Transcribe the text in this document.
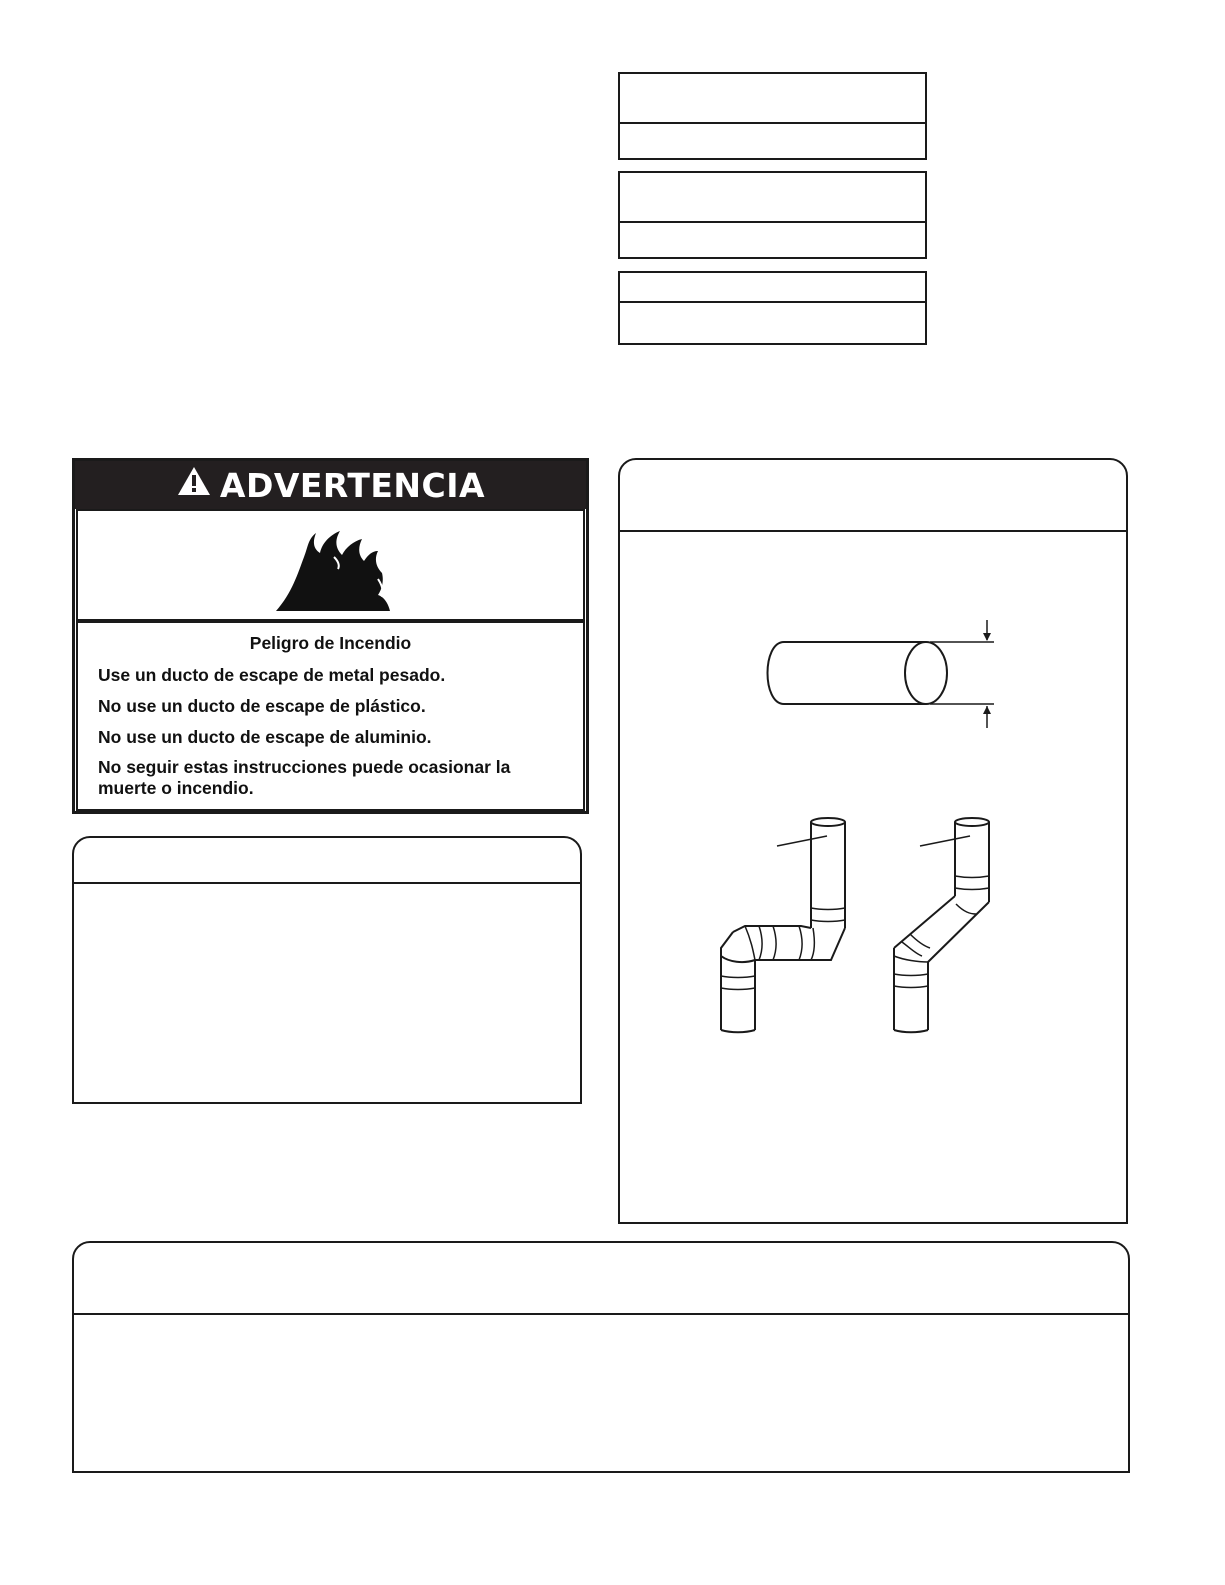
ADVERTENCIA
Peligro de Incendio
Use un ducto de escape de metal pesado.
No use un ducto de escape de plástico.
No use un ducto de escape de aluminio.
No seguir estas instrucciones puede ocasionar la muerte o incendio.
